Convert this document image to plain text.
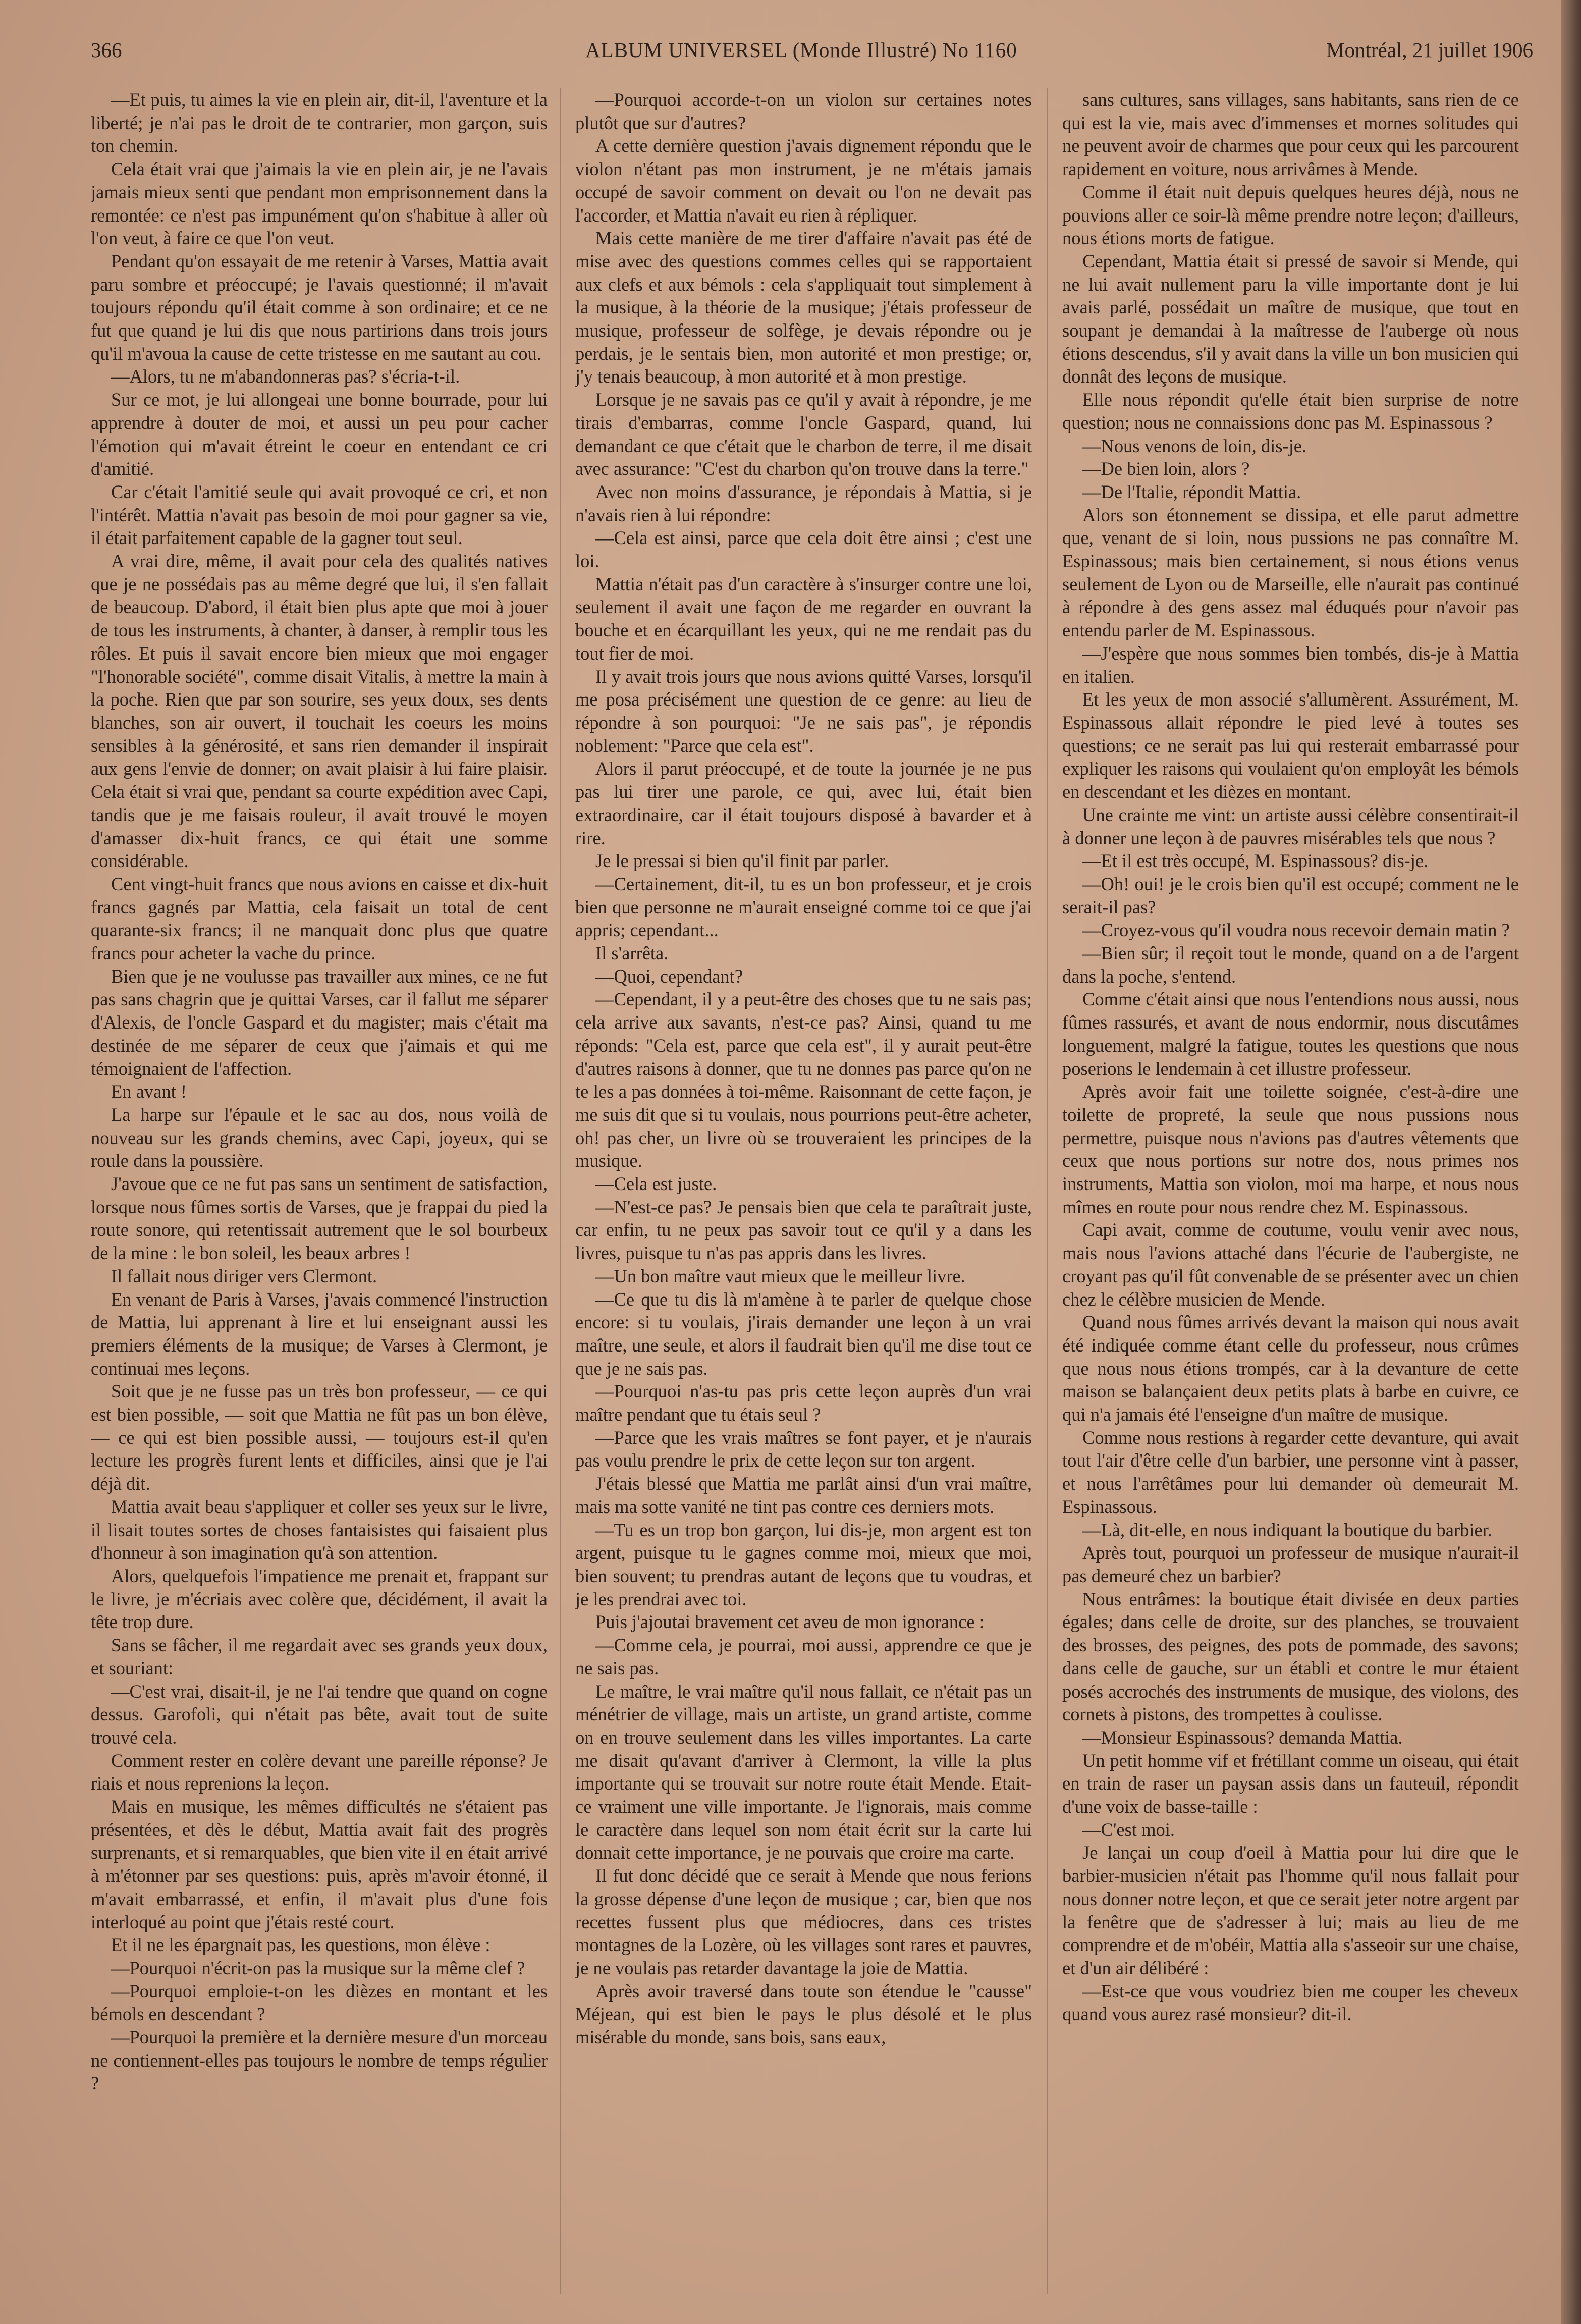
366	ALBUM UNIVERSEL (Monde Illustré) No 1160	Montréal, 21 juillet 1906

—Et puis, tu aimes la vie en plein air, dit-il, l'aventure et la liberté; je n'ai pas le droit de te contrarier, mon garçon, suis ton chemin.

Cela était vrai que j'aimais la vie en plein air, je ne l'avais jamais mieux senti que pendant mon emprisonnement dans la remontée: ce n'est pas impunément qu'on s'habitue à aller où l'on veut, à faire ce que l'on veut.

Pendant qu'on essayait de me retenir à Varses, Mattia avait paru sombre et préoccupé; je l'avais questionné; il m'avait toujours répondu qu'il était comme à son ordinaire; et ce ne fut que quand je lui dis que nous partirions dans trois jours qu'il m'avoua la cause de cette tristesse en me sautant au cou.

—Alors, tu ne m'abandonneras pas? s'écria-t-il.

Sur ce mot, je lui allongeai une bonne bourrade, pour lui apprendre à douter de moi, et aussi un peu pour cacher l'émotion qui m'avait étreint le coeur en entendant ce cri d'amitié.

Car c'était l'amitié seule qui avait provoqué ce cri, et non l'intérêt. Mattia n'avait pas besoin de moi pour gagner sa vie, il était parfaitement capable de la gagner tout seul.

A vrai dire, même, il avait pour cela des qualités natives que je ne possédais pas au même degré que lui, il s'en fallait de beaucoup. D'abord, il était bien plus apte que moi à jouer de tous les instruments, à chanter, à danser, à remplir tous les rôles. Et puis il savait encore bien mieux que moi engager "l'honorable société", comme disait Vitalis, à mettre la main à la poche. Rien que par son sourire, ses yeux doux, ses dents blanches, son air ouvert, il touchait les coeurs les moins sensibles à la générosité, et sans rien demander il inspirait aux gens l'envie de donner; on avait plaisir à lui faire plaisir. Cela était si vrai que, pendant sa courte expédition avec Capi, tandis que je me faisais rouleur, il avait trouvé le moyen d'amasser dix-huit francs, ce qui était une somme considérable.

Cent vingt-huit francs que nous avions en caisse et dix-huit francs gagnés par Mattia, cela faisait un total de cent quarante-six francs; il ne manquait donc plus que quatre francs pour acheter la vache du prince.

Bien que je ne voulusse pas travailler aux mines, ce ne fut pas sans chagrin que je quittai Varses, car il fallut me séparer d'Alexis, de l'oncle Gaspard et du magister; mais c'était ma destinée de me séparer de ceux que j'aimais et qui me témoignaient de l'affection.

En avant !

La harpe sur l'épaule et le sac au dos, nous voilà de nouveau sur les grands chemins, avec Capi, joyeux, qui se roule dans la poussière.

J'avoue que ce ne fut pas sans un sentiment de satisfaction, lorsque nous fûmes sortis de Varses, que je frappai du pied la route sonore, qui retentissait autrement que le sol bourbeux de la mine : le bon soleil, les beaux arbres !

Il fallait nous diriger vers Clermont.

En venant de Paris à Varses, j'avais commencé l'instruction de Mattia, lui apprenant à lire et lui enseignant aussi les premiers éléments de la musique; de Varses à Clermont, je continuai mes leçons.

Soit que je ne fusse pas un très bon professeur, — ce qui est bien possible, — soit que Mattia ne fût pas un bon élève, — ce qui est bien possible aussi, — toujours est-il qu'en lecture les progrès furent lents et difficiles, ainsi que je l'ai déjà dit.

Mattia avait beau s'appliquer et coller ses yeux sur le livre, il lisait toutes sortes de choses fantaisistes qui faisaient plus d'honneur à son imagination qu'à son attention.

Alors, quelquefois l'impatience me prenait et, frappant sur le livre, je m'écriais avec colère que, décidément, il avait la tête trop dure.

Sans se fâcher, il me regardait avec ses grands yeux doux, et souriant:

—C'est vrai, disait-il, je ne l'ai tendre que quand on cogne dessus. Garofoli, qui n'était pas bête, avait tout de suite trouvé cela.

Comment rester en colère devant une pareille réponse? Je riais et nous reprenions la leçon.

Mais en musique, les mêmes difficultés ne s'étaient pas présentées, et dès le début, Mattia avait fait des progrès surprenants, et si remarquables, que bien vite il en était arrivé à m'étonner par ses questions: puis, après m'avoir étonné, il m'avait embarrassé, et enfin, il m'avait plus d'une fois interloqué au point que j'étais resté court.

Et il ne les épargnait pas, les questions, mon élève :

—Pourquoi n'écrit-on pas la musique sur la même clef ?

—Pourquoi emploie-t-on les dièzes en montant et les bémols en descendant ?

—Pourquoi la première et la dernière mesure d'un morceau ne contiennent-elles pas toujours le nombre de temps régulier ?

—Pourquoi accorde-t-on un violon sur certaines notes plutôt que sur d'autres?

A cette dernière question j'avais dignement répondu que le violon n'étant pas mon instrument, je ne m'étais jamais occupé de savoir comment on devait ou l'on ne devait pas l'accorder, et Mattia n'avait eu rien à répliquer.

Mais cette manière de me tirer d'affaire n'avait pas été de mise avec des questions commes celles qui se rapportaient aux clefs et aux bémols : cela s'appliquait tout simplement à la musique, à la théorie de la musique; j'étais professeur de musique, professeur de solfège, je devais répondre ou je perdais, je le sentais bien, mon autorité et mon prestige; or, j'y tenais beaucoup, à mon autorité et à mon prestige.

Lorsque je ne savais pas ce qu'il y avait à répondre, je me tirais d'embarras, comme l'oncle Gaspard, quand, lui demandant ce que c'était que le charbon de terre, il me disait avec assurance: "C'est du charbon qu'on trouve dans la terre."

Avec non moins d'assurance, je répondais à Mattia, si je n'avais rien à lui répondre:

—Cela est ainsi, parce que cela doit être ainsi ; c'est une loi.

Mattia n'était pas d'un caractère à s'insurger contre une loi, seulement il avait une façon de me regarder en ouvrant la bouche et en écarquillant les yeux, qui ne me rendait pas du tout fier de moi.

Il y avait trois jours que nous avions quitté Varses, lorsqu'il me posa précisément une question de ce genre: au lieu de répondre à son pourquoi: "Je ne sais pas", je répondis noblement: "Parce que cela est".

Alors il parut préoccupé, et de toute la journée je ne pus pas lui tirer une parole, ce qui, avec lui, était bien extraordinaire, car il était toujours disposé à bavarder et à rire.

Je le pressai si bien qu'il finit par parler.

—Certainement, dit-il, tu es un bon professeur, et je crois bien que personne ne m'aurait enseigné comme toi ce que j'ai appris; cependant...

Il s'arrêta.

—Quoi, cependant?

—Cependant, il y a peut-être des choses que tu ne sais pas; cela arrive aux savants, n'est-ce pas? Ainsi, quand tu me réponds: "Cela est, parce que cela est", il y aurait peut-être d'autres raisons à donner, que tu ne donnes pas parce qu'on ne te les a pas données à toi-même. Raisonnant de cette façon, je me suis dit que si tu voulais, nous pourrions peut-être acheter, oh! pas cher, un livre où se trouveraient les principes de la musique.

—Cela est juste.

—N'est-ce pas? Je pensais bien que cela te paraîtrait juste, car enfin, tu ne peux pas savoir tout ce qu'il y a dans les livres, puisque tu n'as pas appris dans les livres.

—Un bon maître vaut mieux que le meilleur livre.

—Ce que tu dis là m'amène à te parler de quelque chose encore: si tu voulais, j'irais demander une leçon à un vrai maître, une seule, et alors il faudrait bien qu'il me dise tout ce que je ne sais pas.

—Pourquoi n'as-tu pas pris cette leçon auprès d'un vrai maître pendant que tu étais seul ?

—Parce que les vrais maîtres se font payer, et je n'aurais pas voulu prendre le prix de cette leçon sur ton argent.

J'étais blessé que Mattia me parlât ainsi d'un vrai maître, mais ma sotte vanité ne tint pas contre ces derniers mots.

—Tu es un trop bon garçon, lui dis-je, mon argent est ton argent, puisque tu le gagnes comme moi, mieux que moi, bien souvent; tu prendras autant de leçons que tu voudras, et je les prendrai avec toi.

Puis j'ajoutai bravement cet aveu de mon ignorance :

—Comme cela, je pourrai, moi aussi, apprendre ce que je ne sais pas.

Le maître, le vrai maître qu'il nous fallait, ce n'était pas un ménétrier de village, mais un artiste, un grand artiste, comme on en trouve seulement dans les villes importantes. La carte me disait qu'avant d'arriver à Clermont, la ville la plus importante qui se trouvait sur notre route était Mende. Etait-ce vraiment une ville importante. Je l'ignorais, mais comme le caractère dans lequel son nom était écrit sur la carte lui donnait cette importance, je ne pouvais que croire ma carte.

Il fut donc décidé que ce serait à Mende que nous ferions la grosse dépense d'une leçon de musique ; car, bien que nos recettes fussent plus que médiocres, dans ces tristes montagnes de la Lozère, où les villages sont rares et pauvres, je ne voulais pas retarder davantage la joie de Mattia.

Après avoir traversé dans toute son étendue le "causse" Méjean, qui est bien le pays le plus désolé et le plus misérable du monde, sans bois, sans eaux,

sans cultures, sans villages, sans habitants, sans rien de ce qui est la vie, mais avec d'immenses et mornes solitudes qui ne peuvent avoir de charmes que pour ceux qui les parcourent rapidement en voiture, nous arrivâmes à Mende.

Comme il était nuit depuis quelques heures déjà, nous ne pouvions aller ce soir-là même prendre notre leçon; d'ailleurs, nous étions morts de fatigue.

Cependant, Mattia était si pressé de savoir si Mende, qui ne lui avait nullement paru la ville importante dont je lui avais parlé, possédait un maître de musique, que tout en soupant je demandai à la maîtresse de l'auberge où nous étions descendus, s'il y avait dans la ville un bon musicien qui donnât des leçons de musique.

Elle nous répondit qu'elle était bien surprise de notre question; nous ne connaissions donc pas M. Espinassous ?

—Nous venons de loin, dis-je.

—De bien loin, alors ?

—De l'Italie, répondit Mattia.

Alors son étonnement se dissipa, et elle parut admettre que, venant de si loin, nous pussions ne pas connaître M. Espinassous; mais bien certainement, si nous étions venus seulement de Lyon ou de Marseille, elle n'aurait pas continué à répondre à des gens assez mal éduqués pour n'avoir pas entendu parler de M. Espinassous.

—J'espère que nous sommes bien tombés, dis-je à Mattia en italien.

Et les yeux de mon associé s'allumèrent. Assurément, M. Espinassous allait répondre le pied levé à toutes ses questions; ce ne serait pas lui qui resterait embarrassé pour expliquer les raisons qui voulaient qu'on employât les bémols en descendant et les dièzes en montant.

Une crainte me vint: un artiste aussi célèbre consentirait-il à donner une leçon à de pauvres misérables tels que nous ?

—Et il est très occupé, M. Espinassous? dis-je.

—Oh! oui! je le crois bien qu'il est occupé; comment ne le serait-il pas?

—Croyez-vous qu'il voudra nous recevoir demain matin ?

—Bien sûr; il reçoit tout le monde, quand on a de l'argent dans la poche, s'entend.

Comme c'était ainsi que nous l'entendions nous aussi, nous fûmes rassurés, et avant de nous endormir, nous discutâmes longuement, malgré la fatigue, toutes les questions que nous poserions le lendemain à cet illustre professeur.

Après avoir fait une toilette soignée, c'est-à-dire une toilette de propreté, la seule que nous pussions nous permettre, puisque nous n'avions pas d'autres vêtements que ceux que nous portions sur notre dos, nous primes nos instruments, Mattia son violon, moi ma harpe, et nous nous mîmes en route pour nous rendre chez M. Espinassous.

Capi avait, comme de coutume, voulu venir avec nous, mais nous l'avions attaché dans l'écurie de l'aubergiste, ne croyant pas qu'il fût convenable de se présenter avec un chien chez le célèbre musicien de Mende.

Quand nous fûmes arrivés devant la maison qui nous avait été indiquée comme étant celle du professeur, nous crûmes que nous nous étions trompés, car à la devanture de cette maison se balançaient deux petits plats à barbe en cuivre, ce qui n'a jamais été l'enseigne d'un maître de musique.

Comme nous restions à regarder cette devanture, qui avait tout l'air d'être celle d'un barbier, une personne vint à passer, et nous l'arrêtâmes pour lui demander où demeurait M. Espinassous.

—Là, dit-elle, en nous indiquant la boutique du barbier.

Après tout, pourquoi un professeur de musique n'aurait-il pas demeuré chez un barbier?

Nous entrâmes: la boutique était divisée en deux parties égales; dans celle de droite, sur des planches, se trouvaient des brosses, des peignes, des pots de pommade, des savons; dans celle de gauche, sur un établi et contre le mur étaient posés accrochés des instruments de musique, des violons, des cornets à pistons, des trompettes à coulisse.

—Monsieur Espinassous? demanda Mattia.

Un petit homme vif et frétillant comme un oiseau, qui était en train de raser un paysan assis dans un fauteuil, répondit d'une voix de basse-taille :

—C'est moi.

Je lançai un coup d'oeil à Mattia pour lui dire que le barbier-musicien n'était pas l'homme qu'il nous fallait pour nous donner notre leçon, et que ce serait jeter notre argent par la fenêtre que de s'adresser à lui; mais au lieu de me comprendre et de m'obéir, Mattia alla s'asseoir sur une chaise, et d'un air délibéré :

—Est-ce que vous voudriez bien me couper les cheveux quand vous aurez rasé monsieur? dit-il.
